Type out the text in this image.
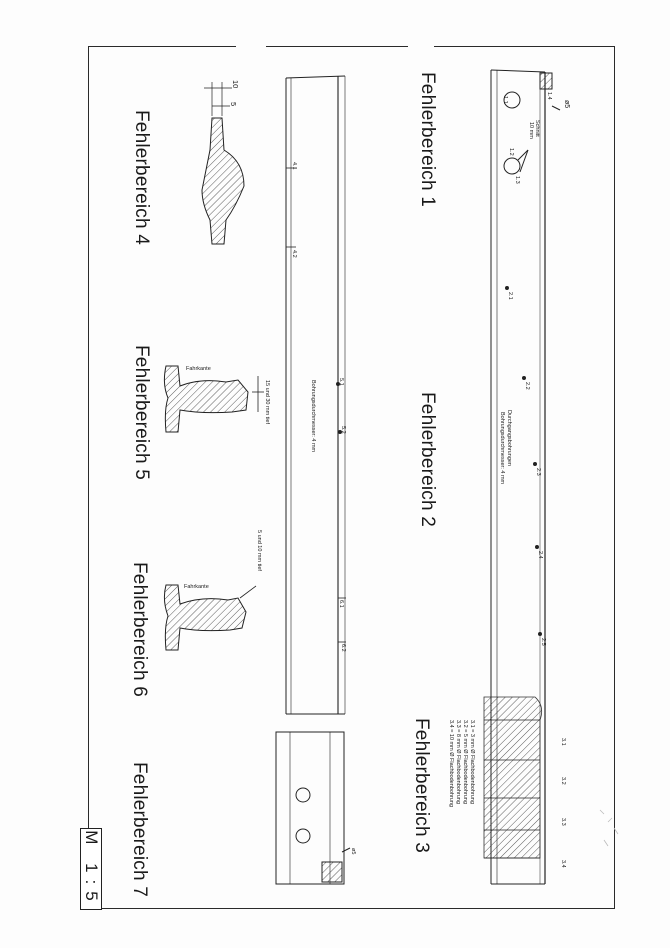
Fehlerbereich 1
Fehlerbereich 2
Fehlerbereich 3
Fehlerbereich 4
Fehlerbereich 5
Fehlerbereich 6
Fehlerbereich 7
M 1:5
ø5
1.4
1.1
1.2
1.3
Schnitt
10 mm
2.1
2.2
2.3
2.4
2.5
Durchgangsbohrungen
Bohrungsdurchmesser: 4 mm
3.1 = 3 mm Ø Flachbodenbohrung
3.2 = 5 mm Ø Flachbodenbohrung
3.3 = 8 mm Ø Flachbodenbohrung
3.4 = 10 mm Ø Flachbodenbohrung	3.1
3.2
3.3
3.4
4.1
4.2
5.1
5.2
6.1
6.2
Bohrungsdurchmesser: 4 mm
ø5
10
5
Fahrkante
15 und 30 mm tief
Fahrkante
5 und 10 mm tief
